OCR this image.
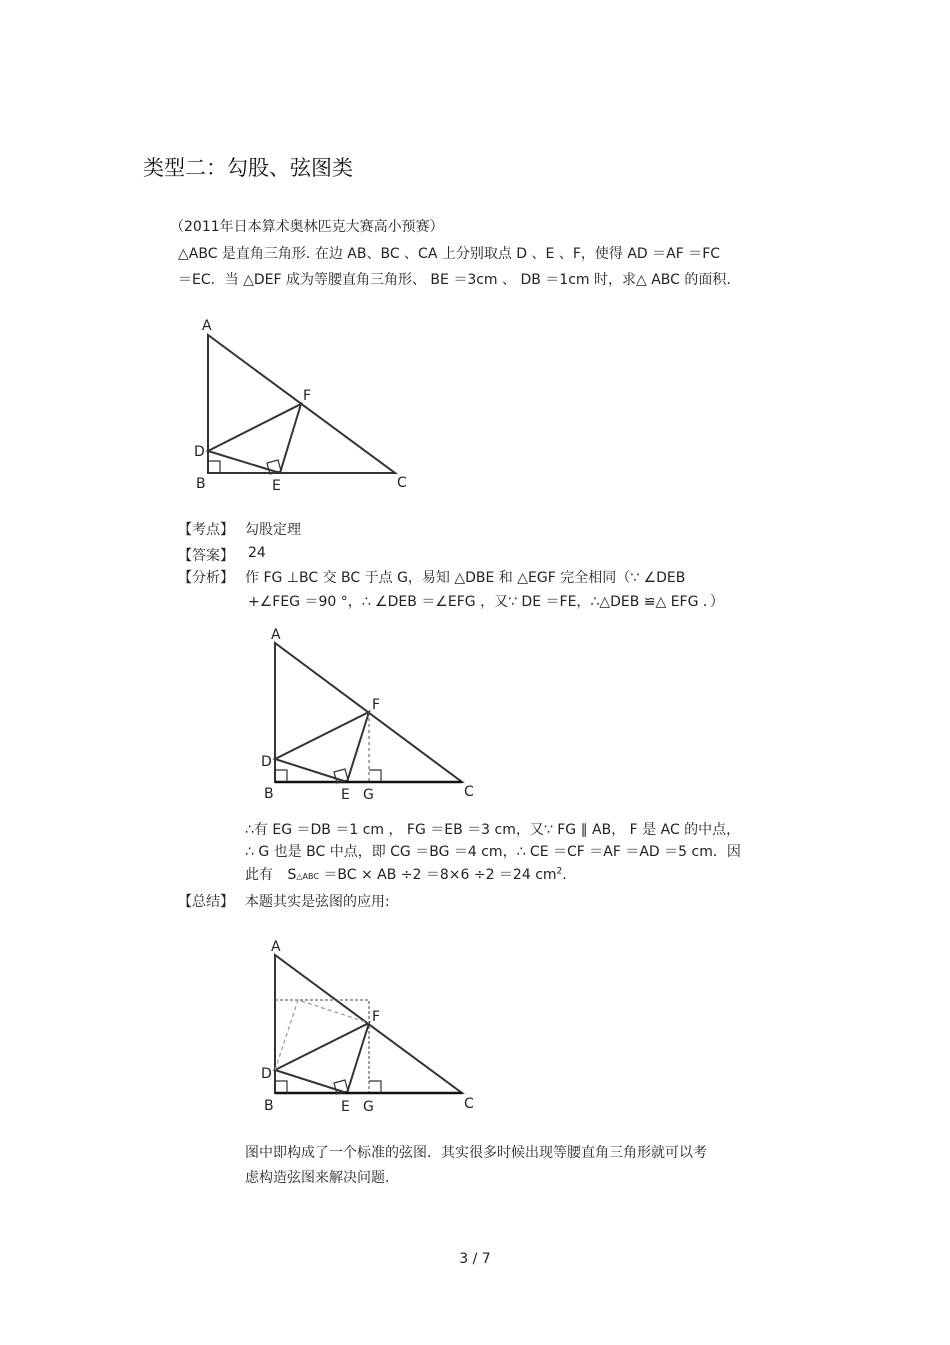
类型二：勾股、弦图类
（2011年日本算术奥林匹克大赛高小预赛）
△ABC 是直角三角形. 在边 AB、BC 、CA 上分别取点 D 、E 、F，使得 AD ＝AF ＝FC
＝EC．当 △DEF 成为等腰直角三角形、 BE ＝3cm 、 DB ＝1cm 时，求△ ABC 的面积.
A
F
D
B	E	C
【考点】 勾股定理
【答案】 24
【分析】 作 FG ⊥BC 交 BC 于点 G，易知 △DBE 和 △EGF 完全相同（∵ ∠DEB
+∠FEG ＝90 °，∴ ∠DEB ＝∠EFG ，又∵ DE ＝FE，∴△DEB ≌△ EFG ．）
A
F
D
B	E G	C
∴有 EG ＝DB ＝1 cm ， FG ＝EB ＝3 cm，又∵ FG ∥ AB， F 是 AC 的中点，
∴ G 也是 BC 中点，即 CG ＝BG ＝4 cm，∴ CE ＝CF ＝AF ＝AD ＝5 cm．因
此有 S△ABC ＝BC × AB ÷2 ＝8×6 ÷2 ＝24 $cm^2$.
【总结】 本题其实是弦图的应用:
A
F
D
B	E G	C
图中即构成了一个标准的弦图．其实很多时候出现等腰直角三角形就可以考
虑构造弦图来解决问题.
3 / 7
